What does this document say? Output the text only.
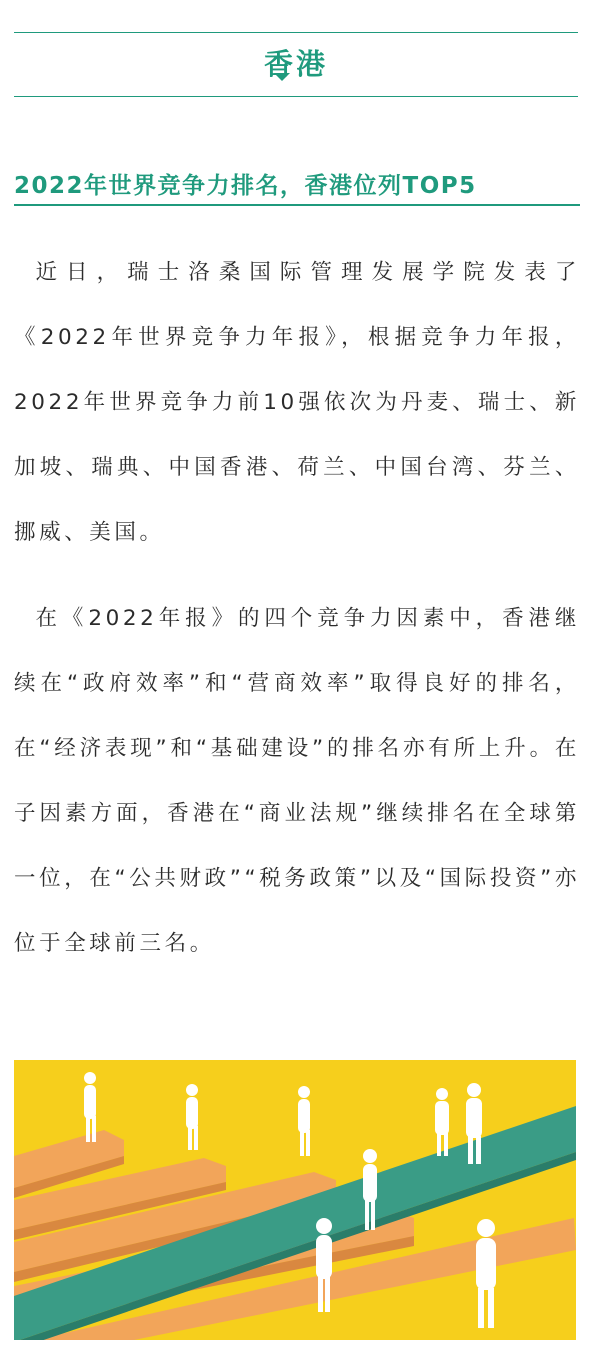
香港
2022年世界竞争力排名，香港位列TOP5

近日，瑞士洛桑国际管理发展学院发表了《2022年世界竞争力年报》，根据竞争力年报，2022年世界竞争力前10强依次为丹麦、瑞士、新加坡、瑞典、中国香港、荷兰、中国台湾、芬兰、挪威、美国。

在《2022年报》的四个竞争力因素中，香港继续在“政府效率”和“营商效率”取得良好的排名，在“经济表现”和“基础建设”的排名亦有所上升。在子因素方面，香港在“商业法规”继续排名在全球第一位，在“公共财政”“税务政策”以及“国际投资”亦位于全球前三名。
